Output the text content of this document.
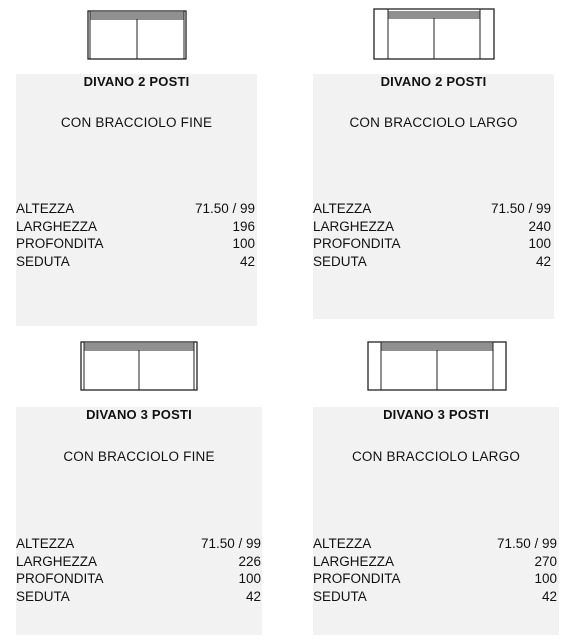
DIVANO 2 POSTI
CON BRACCIOLO FINE
ALTEZZA	71.50 / 99
LARGHEZZA	196
PROFONDITA	100
SEDUTA	42
DIVANO 2 POSTI
CON BRACCIOLO LARGO
ALTEZZA	71.50 / 99
LARGHEZZA	240
PROFONDITA	100
SEDUTA	42
DIVANO 3 POSTI
CON BRACCIOLO FINE
ALTEZZA	71.50 / 99
LARGHEZZA	226
PROFONDITA	100
SEDUTA	42
DIVANO 3 POSTI
CON BRACCIOLO LARGO
ALTEZZA	71.50 / 99
LARGHEZZA	270
PROFONDITA	100
SEDUTA	42
